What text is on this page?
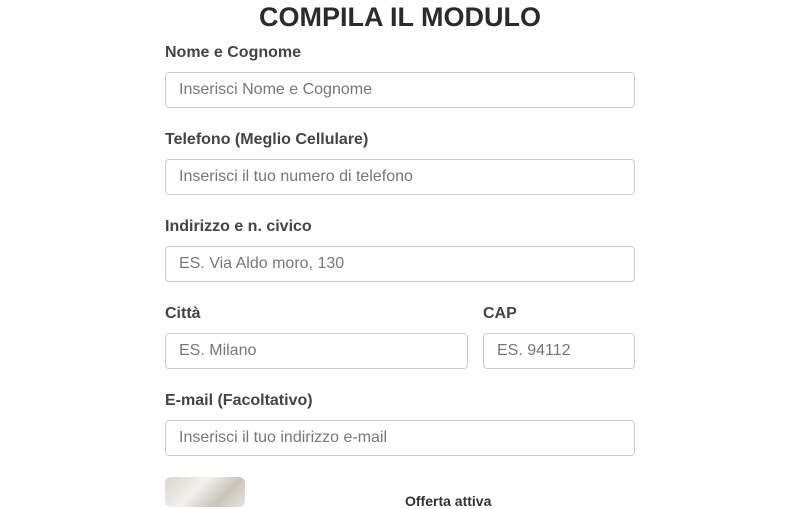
COMPILA IL MODULO
Nome e Cognome
Inserisci Nome e Cognome
Telefono (Meglio Cellulare)
Inserisci il tuo numero di telefono
Indirizzo e n. civico
ES. Via Aldo moro, 130
Città
ES. Milano	CAP
ES. 94112
E-mail (Facoltativo)
Inserisci il tuo indirizzo e-mail
Offerta attiva
